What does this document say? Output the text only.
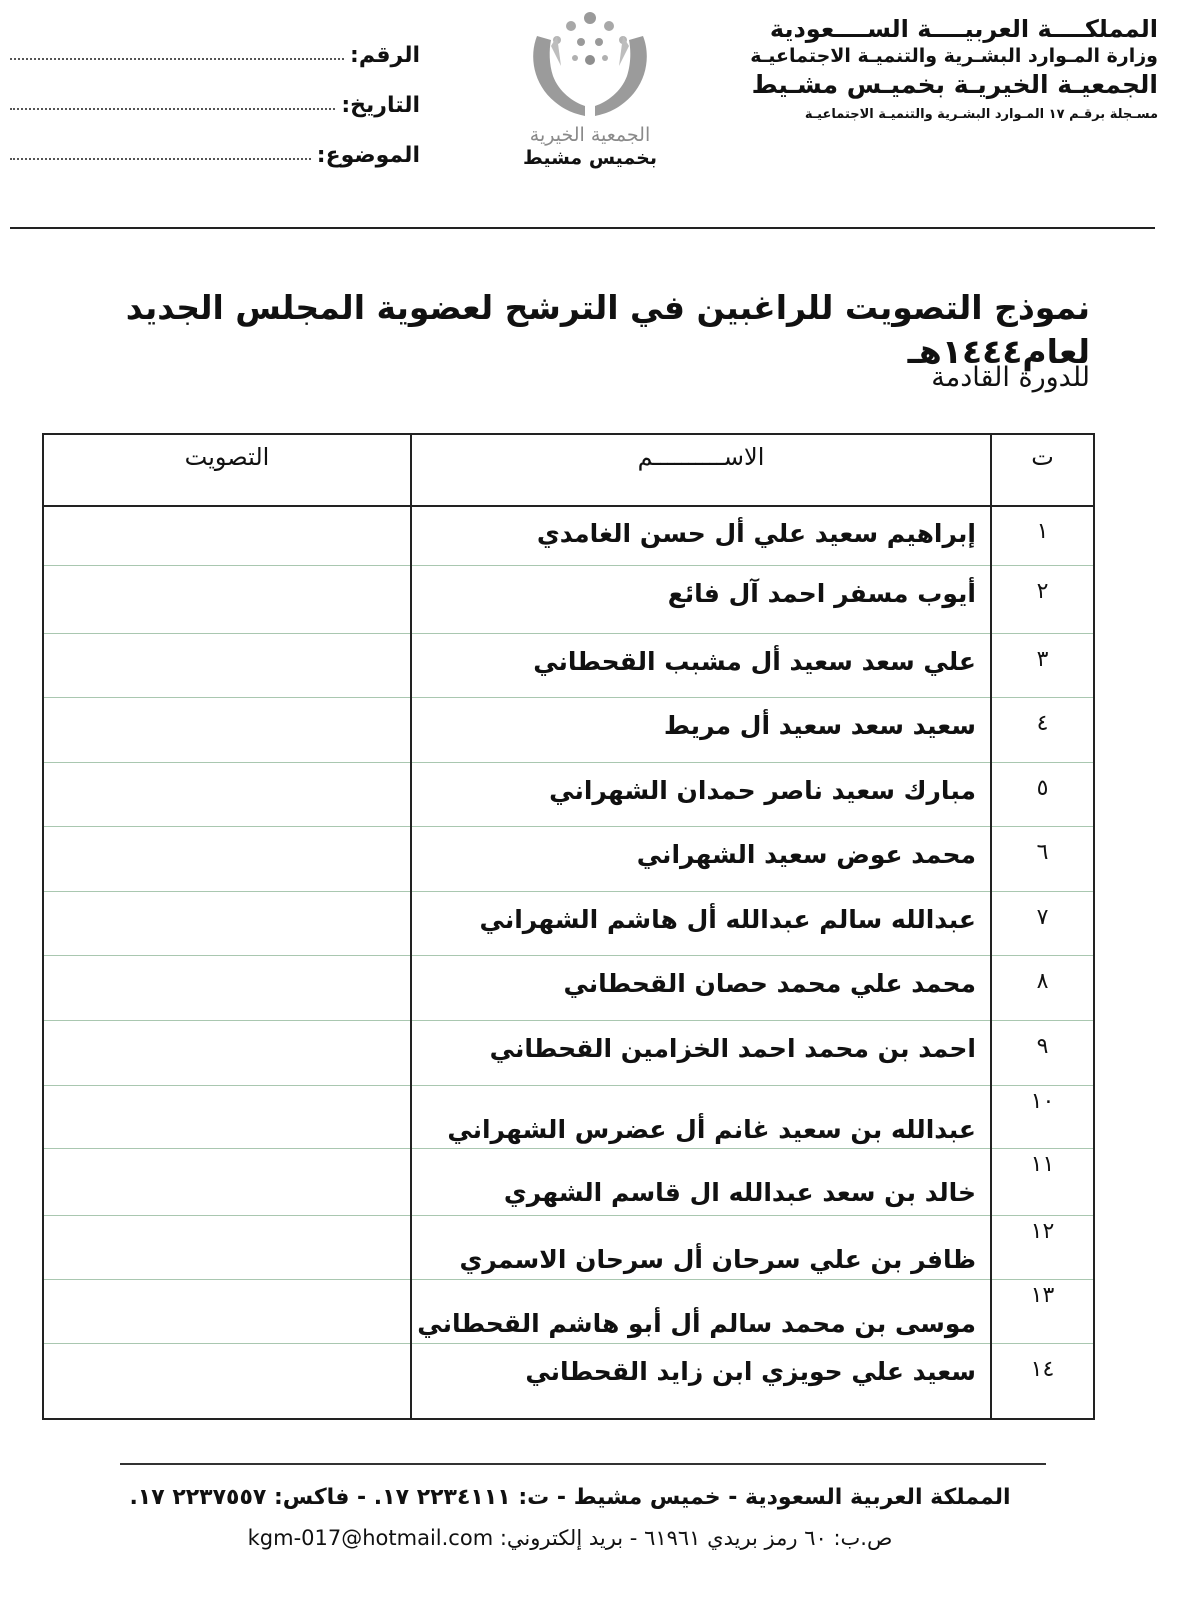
المملكــــة العربيــــة الســــعودية
وزارة المـوارد البشـرية والتنميـة الاجتماعيـة
الجمعيـة الخيريـة بخميـس مشـيط
مسـجلة برقـم ١٧ المـوارد البشـرية والتنميـة الاجتماعيـة
الجمعية الخيرية
بخميس مشيط
الرقم:
التاريخ:
الموضوع:
نموذج التصويت للراغبين في الترشح لعضوية المجلس الجديد لعام١٤٤٤هـ
للدورة القادمة
ت
الاســــــــــم
التصويت
١
إبراهيم سعيد علي أل حسن الغامدي
٢
أيوب مسفر احمد آل فائع
٣
علي سعد سعيد أل مشبب القحطاني
٤
سعيد سعد سعيد أل مريط
٥
مبارك سعيد ناصر حمدان الشهراني
٦
محمد عوض سعيد الشهراني
٧
عبدالله سالم عبدالله أل هاشم الشهراني
٨
محمد علي محمد حصان القحطاني
٩
احمد بن محمد احمد الخزامين القحطاني
١٠
عبدالله بن سعيد غانم أل عضرس الشهراني
١١
خالد بن سعد عبدالله ال قاسم الشهري
١٢
ظافر بن علي سرحان أل سرحان الاسمري
١٣
موسى بن محمد سالم أل أبو هاشم القحطاني
١٤
سعيد علي حويزي ابن زايد القحطاني
المملكة العربية السعودية - خميس مشيط - ت: ٢٢٣٤١١١ ١٧. - فاكس: ٢٢٣٧٥٥٧ ١٧.
ص.ب: ٦٠ رمز بريدي ٦١٩٦١ - بريد إلكتروني: kgm-017@hotmail.com
